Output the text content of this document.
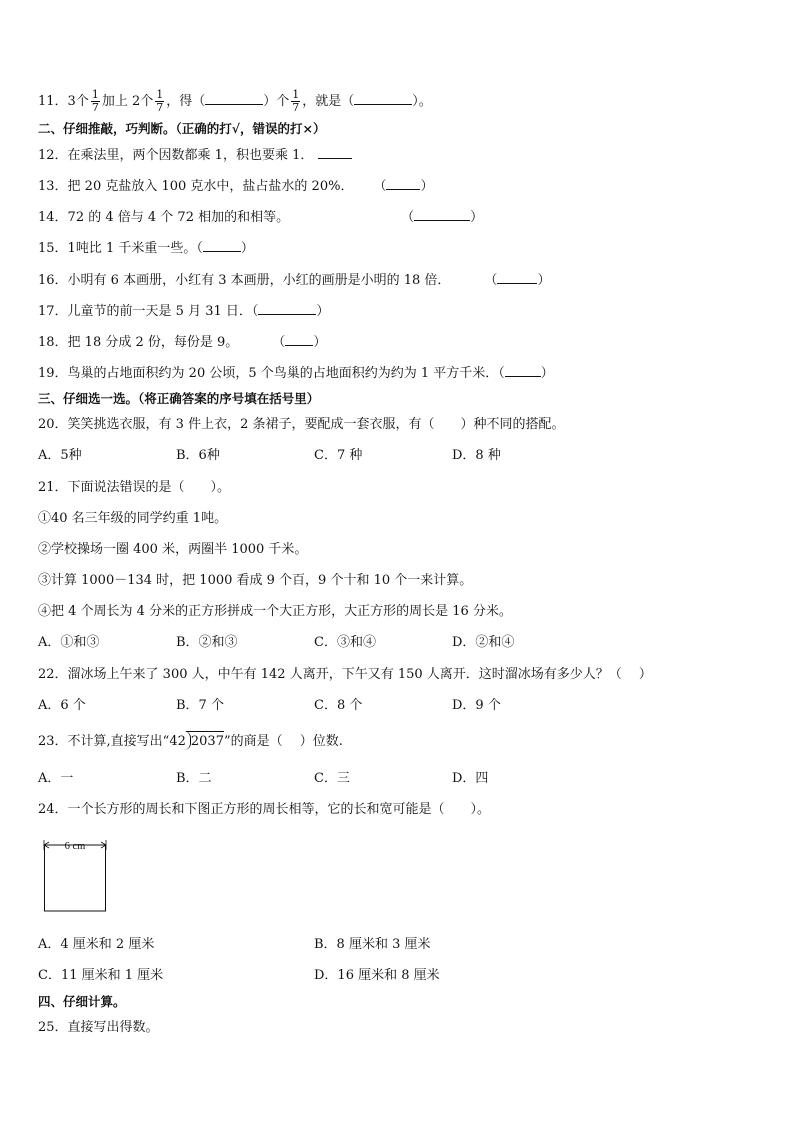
11．3个 $\frac{1}{7}$ 加上 2个 $\frac{1}{7}$ ，得（	）个 $\frac{1}{7}$ ，就是（	）。
二、仔细推敲，巧判断。（正确的打√，错误的打×）
12．在乘法里，两个因数都乘 1，积也要乘 1．
13．把 20 克盐放入 100 克水中，盐占盐水的 20%． （	）
14．72 的 4 倍与 4 个 72 相加的和相等。	（	）
15．1吨比 1 千米重一些。（	）
16．小明有 6 本画册，小红有 3 本画册，小红的画册是小明的 18 倍．	（	）
17．儿童节的前一天是 5 月 31 日．（	）
18．把 18 分成 2 份，每份是 9。	（ ）
19．鸟巢的占地面积约为 20 公顷，5 个鸟巢的占地面积约为约为 1 平方千米．（	）
三、仔细选一选。（将正确答案的序号填在括号里）
20．笑笑挑选衣服，有 3 件上衣，2 条裙子，要配成一套衣服，有（　　）种不同的搭配。
A．5种	B．6种	C．7 种	D．8 种
21．下面说法错误的是（　　）。
①40 名三年级的同学约重 1吨。
②学校操场一圈 400 米，两圈半 1000 千米。
③计算 1000－134 时，把 1000 看成 9 个百，9 个十和 10 个一来计算。
④把 4 个周长为 4 分米的正方形拼成一个大正方形，大正方形的周长是 16 分米。
A．①和③	B．②和③	C．③和④	D．②和④
22．溜冰场上午来了 300 人，中午有 142 人离开，下午又有 150 人离开．这时溜冰场有多少人？（　 ）
A．6 个	B．7 个	C．8 个	D．9 个
23．不计算,直接写出“42 2037”的商是（　 ）位数.
A．一	B．二	C．三	D．四
24．一个长方形的周长和下图正方形的周长相等，它的长和宽可能是（　　）。
6 cm
A．4 厘米和 2 厘米	B．8 厘米和 3 厘米
C．11 厘米和 1 厘米	D．16 厘米和 8 厘米
四、仔细计算。
25．直接写出得数。
